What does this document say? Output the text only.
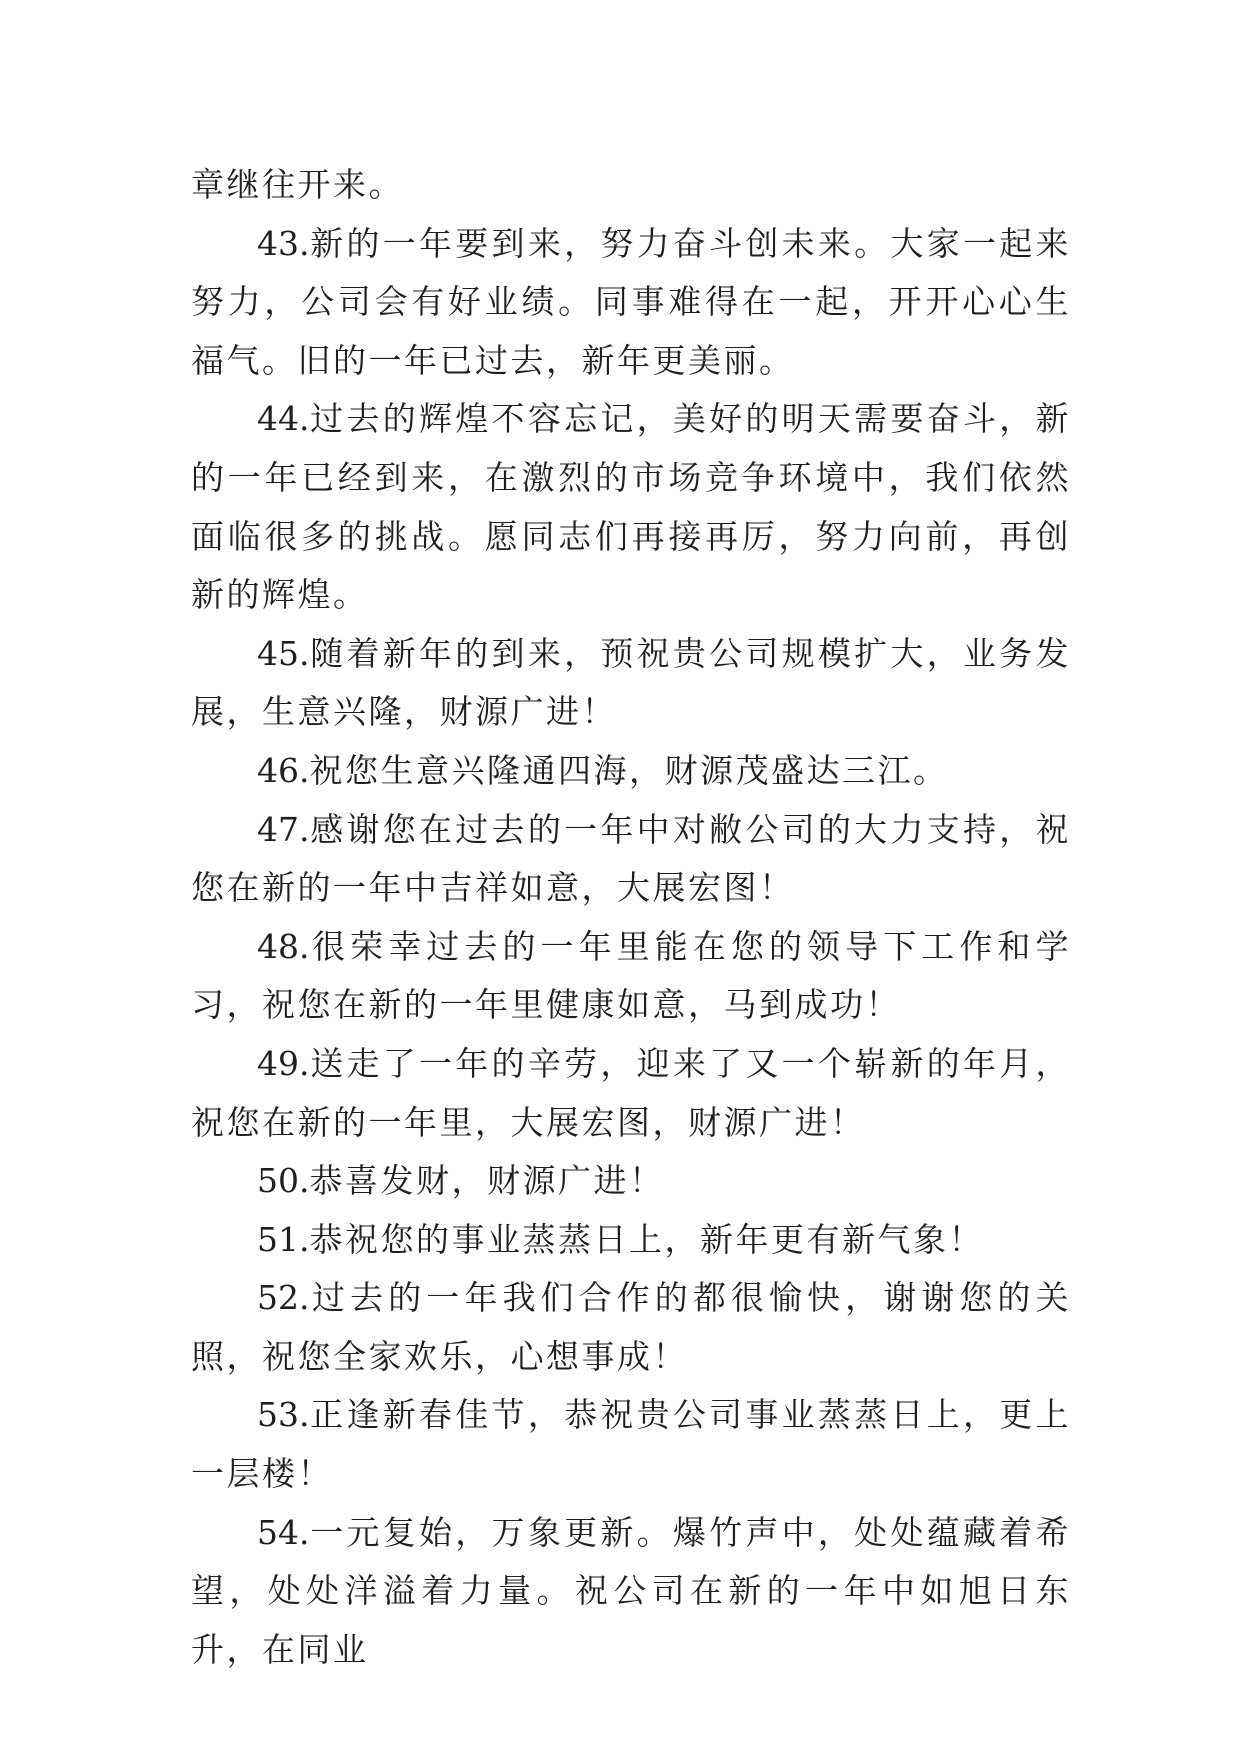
章继往开来。

43.新的一年要到来，努力奋斗创未来。大家一起来努力，公司会有好业绩。同事难得在一起，开开心心生福气。旧的一年已过去，新年更美丽。

44.过去的辉煌不容忘记，美好的明天需要奋斗，新的一年已经到来，在激烈的市场竞争环境中，我们依然面临很多的挑战。愿同志们再接再厉，努力向前，再创新的辉煌。

45.随着新年的到来，预祝贵公司规模扩大，业务发展，生意兴隆，财源广进！

46.祝您生意兴隆通四海，财源茂盛达三江。

47.感谢您在过去的一年中对敝公司的大力支持，祝您在新的一年中吉祥如意，大展宏图！

48.很荣幸过去的一年里能在您的领导下工作和学习，祝您在新的一年里健康如意，马到成功！

49.送走了一年的辛劳，迎来了又一个崭新的年月，祝您在新的一年里，大展宏图，财源广进！

50.恭喜发财，财源广进！

51.恭祝您的事业蒸蒸日上，新年更有新气象！

52.过去的一年我们合作的都很愉快，谢谢您的关照，祝您全家欢乐，心想事成！

53.正逢新春佳节，恭祝贵公司事业蒸蒸日上，更上一层楼！

54.一元复始，万象更新。爆竹声中，处处蕴藏着希望，处处洋溢着力量。祝公司在新的一年中如旭日东升，在同业
